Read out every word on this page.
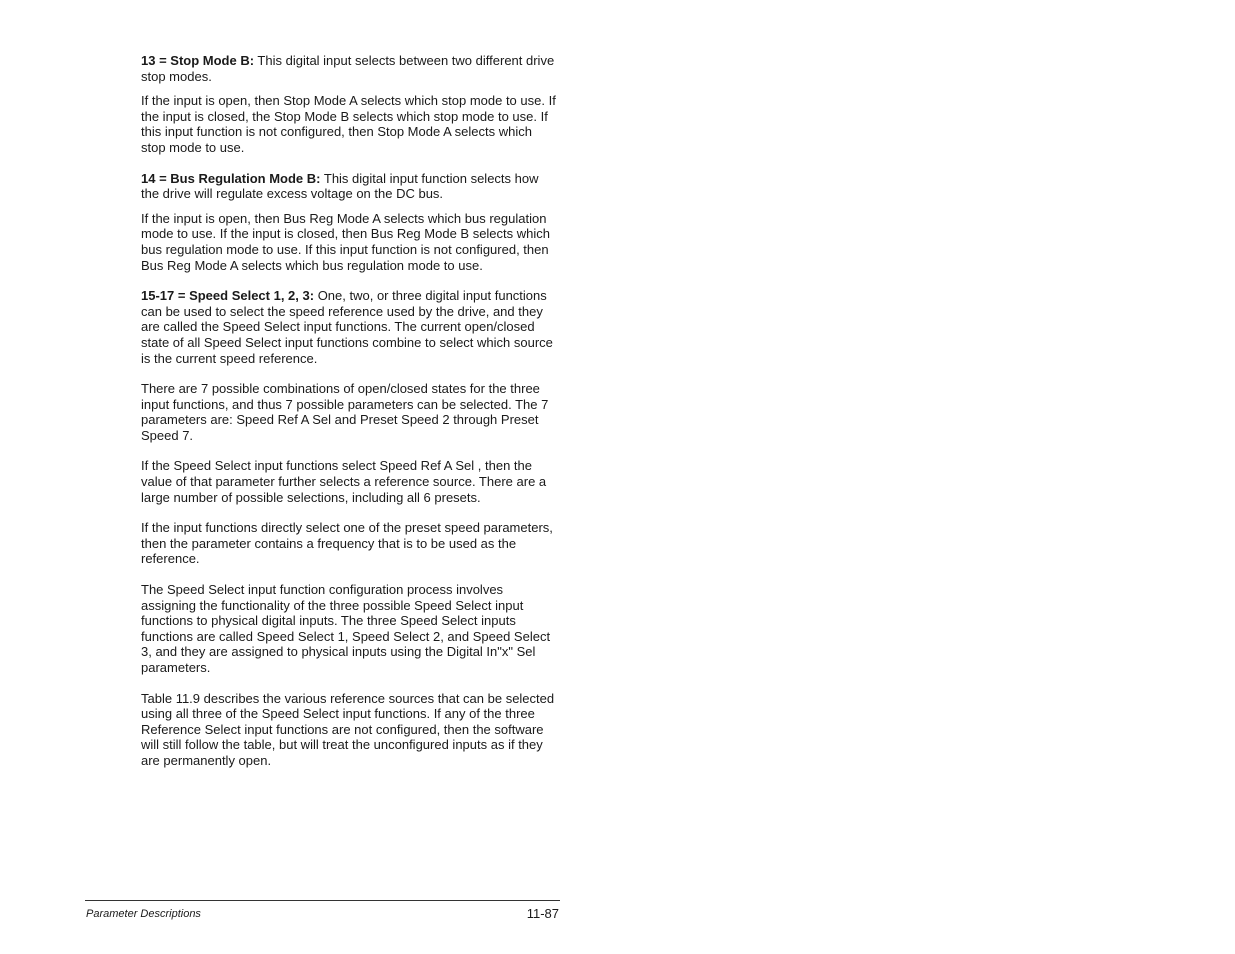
13 = Stop Mode B: This digital input selects between two different drive stop modes.

If the input is open, then Stop Mode A selects which stop mode to use. If the input is closed, the Stop Mode B selects which stop mode to use. If this input function is not configured, then Stop Mode A selects which stop mode to use.

14 = Bus Regulation Mode B: This digital input function selects how the drive will regulate excess voltage on the DC bus.

If the input is open, then Bus Reg Mode A selects which bus regulation mode to use. If the input is closed, then Bus Reg Mode B selects which bus regulation mode to use. If this input function is not configured, then Bus Reg Mode A selects which bus regulation mode to use.

15-17 = Speed Select 1, 2, 3: One, two, or three digital input functions can be used to select the speed reference used by the drive, and they are called the Speed Select input functions. The current open/closed state of all Speed Select input functions combine to select which source is the current speed reference.

There are 7 possible combinations of open/closed states for the three input functions, and thus 7 possible parameters can be selected. The 7 parameters are: Speed Ref A Sel and Preset Speed 2 through Preset Speed 7.

If the Speed Select input functions select Speed Ref A Sel , then the value of that parameter further selects a reference source. There are a large number of possible selections, including all 6 presets.

If the input functions directly select one of the preset speed parameters, then the parameter contains a frequency that is to be used as the reference.

The Speed Select input function configuration process involves assigning the functionality of the three possible Speed Select input functions to physical digital inputs. The three Speed Select inputs functions are called Speed Select 1, Speed Select 2, and Speed Select 3, and they are assigned to physical inputs using the Digital In"x" Sel parameters.

Table 11.9 describes the various reference sources that can be selected using all three of the Speed Select input functions. If any of the three Reference Select input functions are not configured, then the software will still follow the table, but will treat the unconfigured inputs as if they are permanently open.

Parameter Descriptions	11-87
